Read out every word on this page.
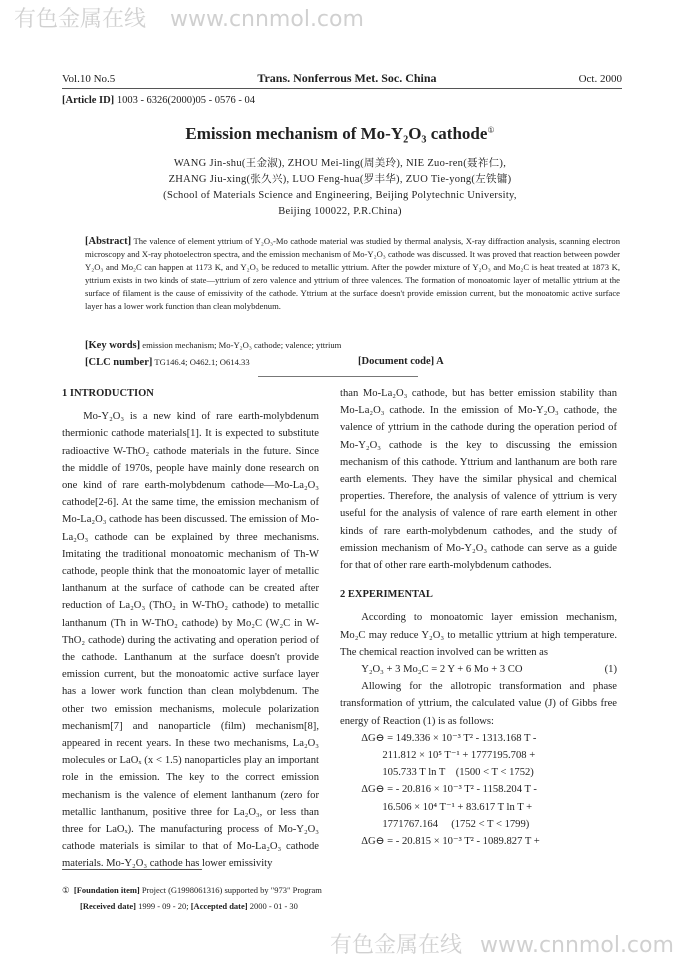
有色金属在线 www.cnnmol.com
有色金属在线 www.cnnmol.com
Vol.10 No.5	Trans. Nonferrous Met. Soc. China	Oct. 2000
[Article ID] 1003 - 6326(2000)05 - 0576 - 04
Emission mechanism of Mo-Y₂O₃ cathode①
WANG Jin-shu(王金淑), ZHOU Mei-ling(周美玲), NIE Zuo-ren(聂祚仁),
ZHANG Jiu-xing(张久兴), LUO Feng-hua(罗丰华), ZUO Tie-yong(左铁镛)
(School of Materials Science and Engineering, Beijing Polytechnic University,
Beijing 100022, P.R.China)
[Abstract] The valence of element yttrium of Y₂O₃-Mo cathode material was studied by thermal analysis, X-ray diffraction analysis, scanning electron microscopy and X-ray photoelectron spectra, and the emission mechanism of Mo-Y₂O₃ cathode was discussed. It was proved that reaction between powder Y₂O₃ and Mo₂C can happen at 1173 K, and Y₂O₃ be reduced to metallic yttrium. After the powder mixture of Y₂O₃ and Mo₂C is heat treated at 1873 K, yttrium exists in two kinds of state—yttrium of zero valence and yttrium of three valences. The formation of monoatomic layer of metallic yttrium at the surface of filament is the cause of emissivity of the cathode. Yttrium at the surface doesn't provide emission current, but the monoatomic active surface layer has a lower work function than clean molybdenum.
[Key words] emission mechanism; Mo-Y₂O₃ cathode; valence; yttrium
[CLC number] TG146.4; O462.1; O614.33	[Document code] A
1 INTRODUCTION

Mo-Y₂O₃ is a new kind of rare earth-molybdenum thermionic cathode materials[1]. It is expected to substitute radioactive W-ThO₂ cathode materials in the future. Since the middle of 1970s, people have mainly done research on one kind of rare earth-molybdenum cathode—Mo-La₂O₃ cathode[2-6]. At the same time, the emission mechanism of Mo-La₂O₃ cathode has been discussed. The emission of Mo-La₂O₃ cathode can be explained by three mechanisms. Imitating the traditional monoatomic mechanism of Th-W cathode, people think that the monoatomic layer of metallic lanthanum at the surface of cathode can be created after reduction of La₂O₃ (ThO₂ in W-ThO₂ cathode) to metallic lanthanum (Th in W-ThO₂ cathode) by Mo₂C (W₂C in W-ThO₂ cathode) during the activating and operation period of the cathode. Lanthanum at the surface doesn't provide emission current, but the monoatomic active surface layer has a lower work function than clean molybdenum. The other two emission mechanisms, molecule polarization mechanism[7] and nanoparticle (film) mechanism[8], appeared in recent years. In these two mechanisms, La₂O₃ molecules or LaOₓ (x < 1.5) nanoparticles play an important role in the emission. The key to the correct emission mechanism is the valence of element lanthanum (zero for metallic lanthanum, positive three for La₂O₃, or less than three for LaOₓ). The manufacturing process of Mo-Y₂O₃ cathode materials is similar to that of Mo-La₂O₃ cathode materials. Mo-Y₂O₃ cathode has lower emissivity

than Mo-La₂O₃ cathode, but has better emission stability than Mo-La₂O₃ cathode. In the emission of Mo-Y₂O₃ cathode, the valence of yttrium in the cathode during the operation period of Mo-Y₂O₃ cathode is the key to discussing the emission mechanism of this cathode. Yttrium and lanthanum are both rare earth elements. They have the similar physical and chemical properties. Therefore, the analysis of valence of yttrium is very useful for the analysis of valence of rare earth element in other kinds of rare earth-molybdenum cathodes, and the study of emission mechanism of Mo-Y₂O₃ cathode can serve as a guide for that of other rare earth-molybdenum cathodes.

2 EXPERIMENTAL

According to monoatomic layer emission mechanism, Mo₂C may reduce Y₂O₃ to metallic yttrium at high temperature. The chemical reaction involved can be written as

Y₂O₃ + 3 Mo₂C = 2 Y + 6 Mo + 3 CO	(1)

Allowing for the allotropic transformation and phase transformation of yttrium, the calculated value (J) of Gibbs free energy of Reaction (1) is as follows:

ΔG⊖ = 149.336 × 10⁻³ T² - 1313.168 T -
211.812 × 10⁵ T⁻¹ + 1777195.708 +
105.733 T ln T    (1500 < T < 1752)
ΔG⊖ = - 20.816 × 10⁻³ T² - 1158.204 T -
16.506 × 10⁴ T⁻¹ + 83.617 T ln T +
1771767.164     (1752 < T < 1799)
ΔG⊖ = - 20.815 × 10⁻³ T² - 1089.827 T +
① [Foundation item] Project (G1998061316) supported by "973" Program
[Received date] 1999 - 09 - 20; [Accepted date] 2000 - 01 - 30
